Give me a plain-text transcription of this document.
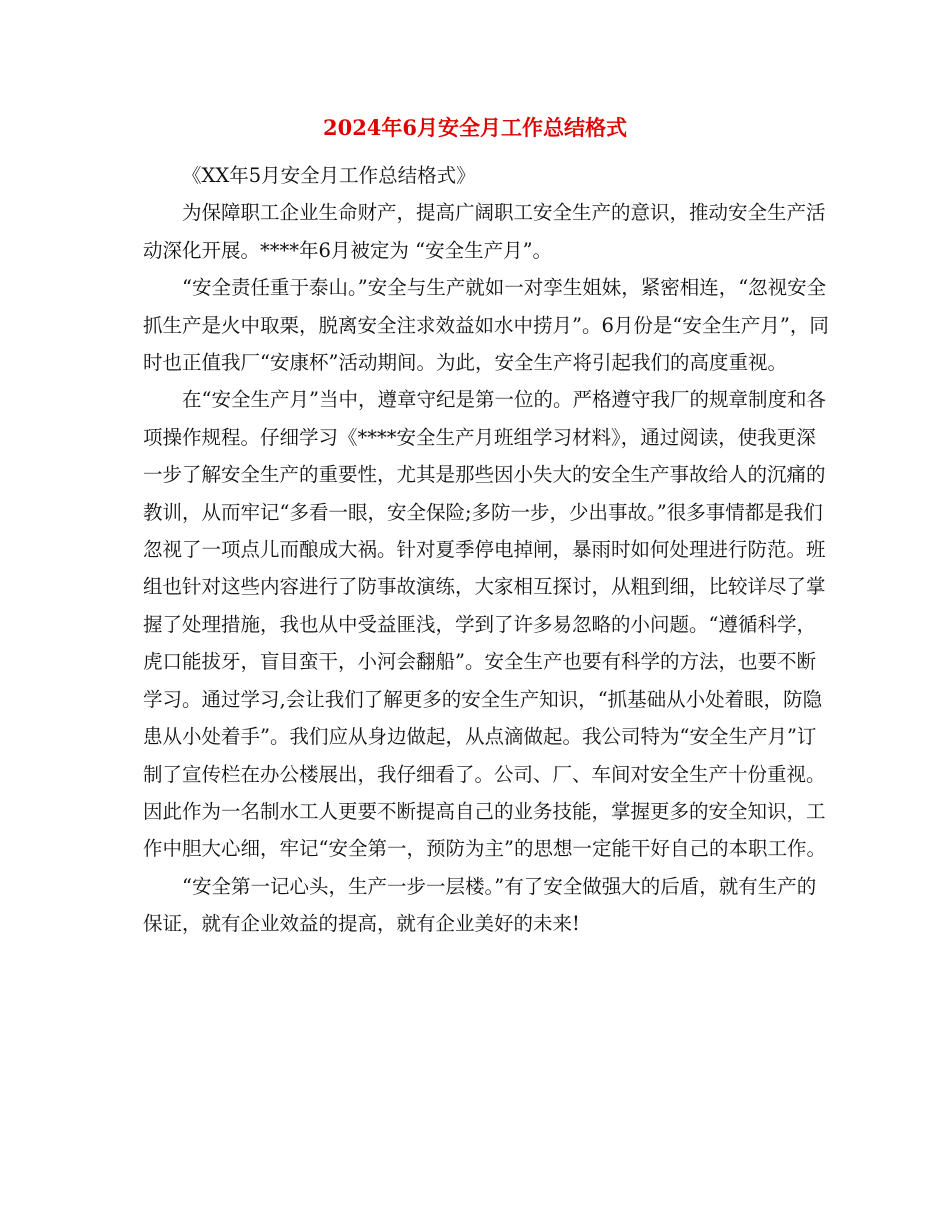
2024年6月安全月工作总结格式

《XX年5月安全月工作总结格式》

为保障职工企业生命财产，提高广阔职工安全生产的意识，推动安全生产活动深化开展。****年6月被定为 “安全生产月”。

“安全责任重于泰山。”安全与生产就如一对孪生姐妹，紧密相连，“忽视安全抓生产是火中取栗，脱离安全注求效益如水中捞月”。6月份是“安全生产月”，同时也正值我厂“安康杯”活动期间。为此，安全生产将引起我们的高度重视。

在“安全生产月”当中，遵章守纪是第一位的。严格遵守我厂的规章制度和各项操作规程。仔细学习《****安全生产月班组学习材料》，通过阅读，使我更深一步了解安全生产的重要性，尤其是那些因小失大的安全生产事故给人的沉痛的教训，从而牢记“多看一眼，安全保险;多防一步，少出事故。”很多事情都是我们忽视了一项点儿而酿成大祸。针对夏季停电掉闸，暴雨时如何处理进行防范。班组也针对这些内容进行了防事故演练，大家相互探讨，从粗到细，比较详尽了掌握了处理措施，我也从中受益匪浅，学到了许多易忽略的小问题。“遵循科学，虎口能拔牙，盲目蛮干，小河会翻船”。安全生产也要有科学的方法，也要不断学习。通过学习,会让我们了解更多的安全生产知识，“抓基础从小处着眼，防隐患从小处着手”。我们应从身边做起，从点滴做起。我公司特为“安全生产月”订制了宣传栏在办公楼展出，我仔细看了。公司、厂、车间对安全生产十份重视。因此作为一名制水工人更要不断提高自己的业务技能，掌握更多的安全知识，工作中胆大心细，牢记“安全第一，预防为主”的思想一定能干好自己的本职工作。

“安全第一记心头，生产一步一层楼。”有了安全做强大的后盾，就有生产的保证，就有企业效益的提高，就有企业美好的未来!
